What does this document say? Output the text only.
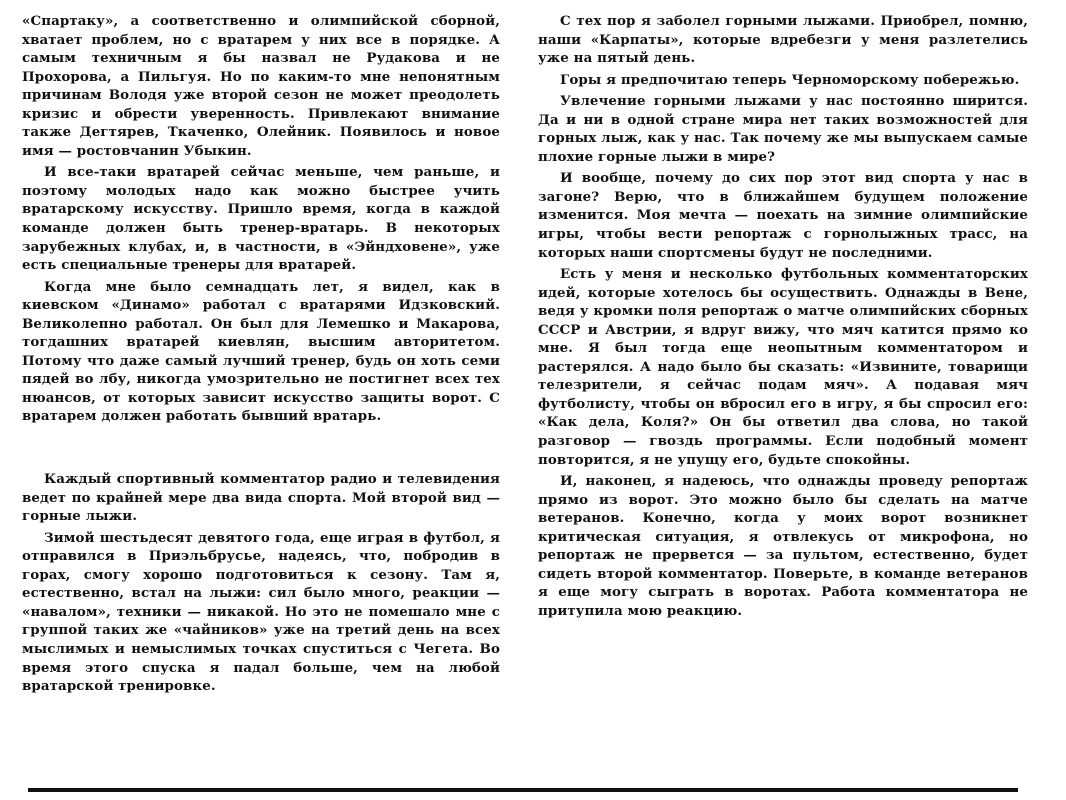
«Спартаку», а соответственно и олимпийской сборной, хватает проблем, но с вратарем у них все в порядке. А самым техничным я бы назвал не Рудакова и не Прохорова, а Пильгуя. Но по каким-то мне непонятным причинам Володя уже второй сезон не может преодолеть кризис и обрести уверенность. Привлекают внимание также Дегтярев, Ткаченко, Олейник. Появилось и новое имя — ростовчанин Убыкин.

И все-таки вратарей сейчас меньше, чем раньше, и поэтому молодых надо как можно быстрее учить вратарскому искусству. Пришло время, когда в каждой команде должен быть тренер-вратарь. В некоторых зарубежных клубах, и, в частности, в «Эйндховене», уже есть специальные тренеры для вратарей.

Когда мне было семнадцать лет, я видел, как в киевском «Динамо» работал с вратарями Идзковский. Великолепно работал. Он был для Лемешко и Макарова, тогдашних вратарей киевлян, высшим авторитетом. Потому что даже самый лучший тренер, будь он хоть семи пядей во лбу, никогда умозрительно не постигнет всех тех нюансов, от которых зависит искусство защиты ворот. С вратарем должен работать бывший вратарь.

Каждый спортивный комментатор радио и телевидения ведет по крайней мере два вида спорта. Мой второй вид — горные лыжи.

Зимой шестьдесят девятого года, еще играя в футбол, я отправился в Приэльбрусье, надеясь, что, побродив в горах, смогу хорошо подготовиться к сезону. Там я, естественно, встал на лыжи: сил было много, реакции — «навалом», техники — никакой. Но это не помешало мне с группой таких же «чайников» уже на третий день на всех мыслимых и немыслимых точках спуститься с Чегета. Во время этого спуска я падал больше, чем на любой вратарской тренировке.

С тех пор я заболел горными лыжами. Приобрел, помню, наши «Карпаты», которые вдребезги у меня разлетелись уже на пятый день.

Горы я предпочитаю теперь Черноморскому побережью.

Увлечение горными лыжами у нас постоянно ширится. Да и ни в одной стране мира нет таких возможностей для горных лыж, как у нас. Так почему же мы выпускаем самые плохие горные лыжи в мире?

И вообще, почему до сих пор этот вид спорта у нас в загоне? Верю, что в ближайшем будущем положение изменится. Моя мечта — поехать на зимние олимпийские игры, чтобы вести репортаж с горнолыжных трасс, на которых наши спортсмены будут не последними.

Есть у меня и несколько футбольных комментаторских идей, которые хотелось бы осуществить. Однажды в Вене, ведя у кромки поля репортаж о матче олимпийских сборных СССР и Австрии, я вдруг вижу, что мяч катится прямо ко мне. Я был тогда еще неопытным комментатором и растерялся. А надо было бы сказать: «Извините, товарищи телезрители, я сейчас подам мяч». А подавая мяч футболисту, чтобы он вбросил его в игру, я бы спросил его: «Как дела, Коля?» Он бы ответил два слова, но такой разговор — гвоздь программы. Если подобный момент повторится, я не упущу его, будьте спокойны.

И, наконец, я надеюсь, что однажды проведу репортаж прямо из ворот. Это можно было бы сделать на матче ветеранов. Конечно, когда у моих ворот возникнет критическая ситуация, я отвлекусь от микрофона, но репортаж не прервется — за пультом, естественно, будет сидеть второй комментатор. Поверьте, в команде ветеранов я еще могу сыграть в воротах. Работа комментатора не притупила мою реакцию.
